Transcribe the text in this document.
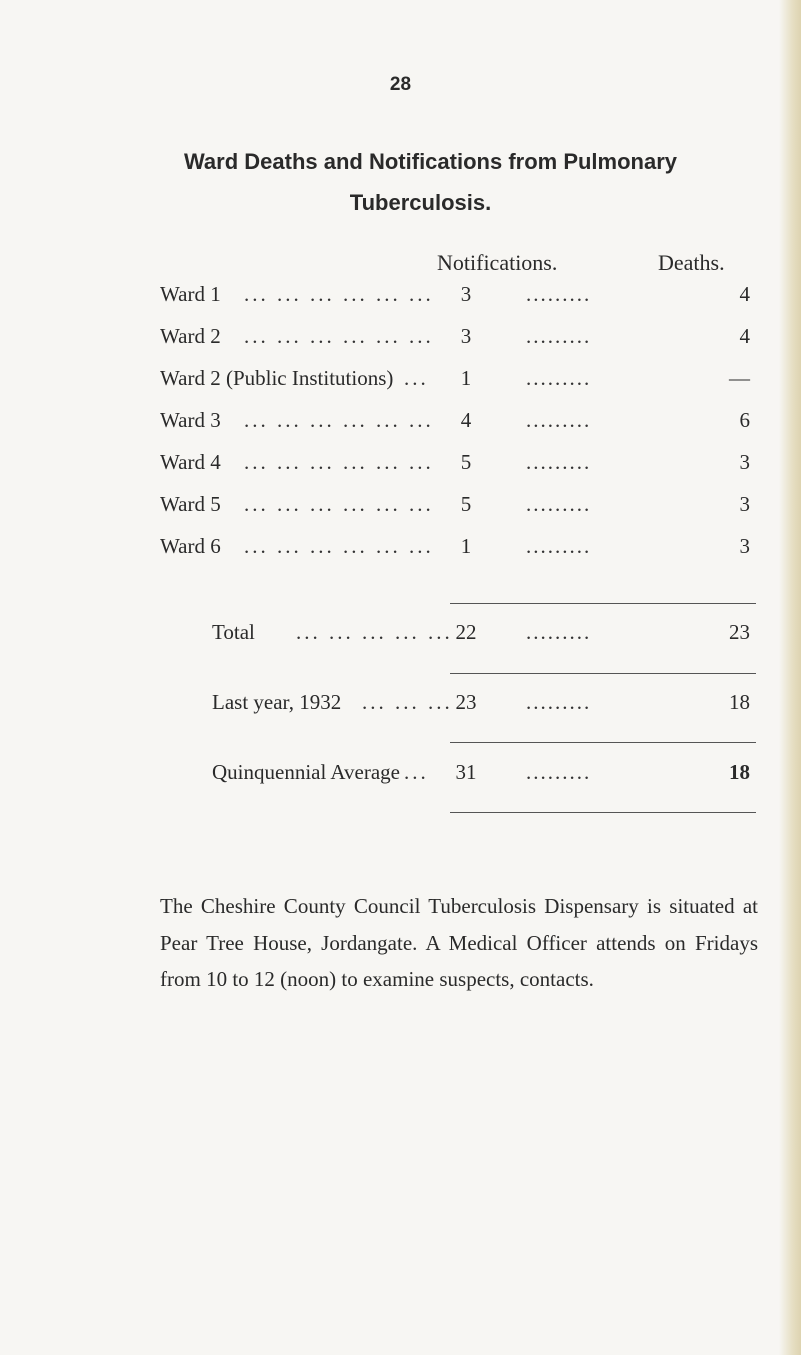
28
Ward Deaths and Notifications from Pulmonary
Tuberculosis.
Notifications.	Deaths.
Ward 1 ... ... ... ... ... ...	3	.........	4
Ward 2 ... ... ... ... ... ...	3	.........	4
Ward 2 (Public Institutions) ...	1	.........	—
Ward 3 ... ... ... ... ... ...	4	.........	6
Ward 4 ... ... ... ... ... ...	5	.........	3
Ward 5 ... ... ... ... ... ...	5	.........	3
Ward 6 ... ... ... ... ... ...	1	.........	3
Total ... ... ... ... ... 22 .........	23
Last year, 1932 ... ... ... 23 .........	18
Quinquennial Average ... 31 .........	18
The Cheshire County Council Tuberculosis Dispensary is situated at Pear Tree House, Jordangate. A Medical Officer attends on Fridays from 10 to 12 (noon) to examine suspects, contacts.
